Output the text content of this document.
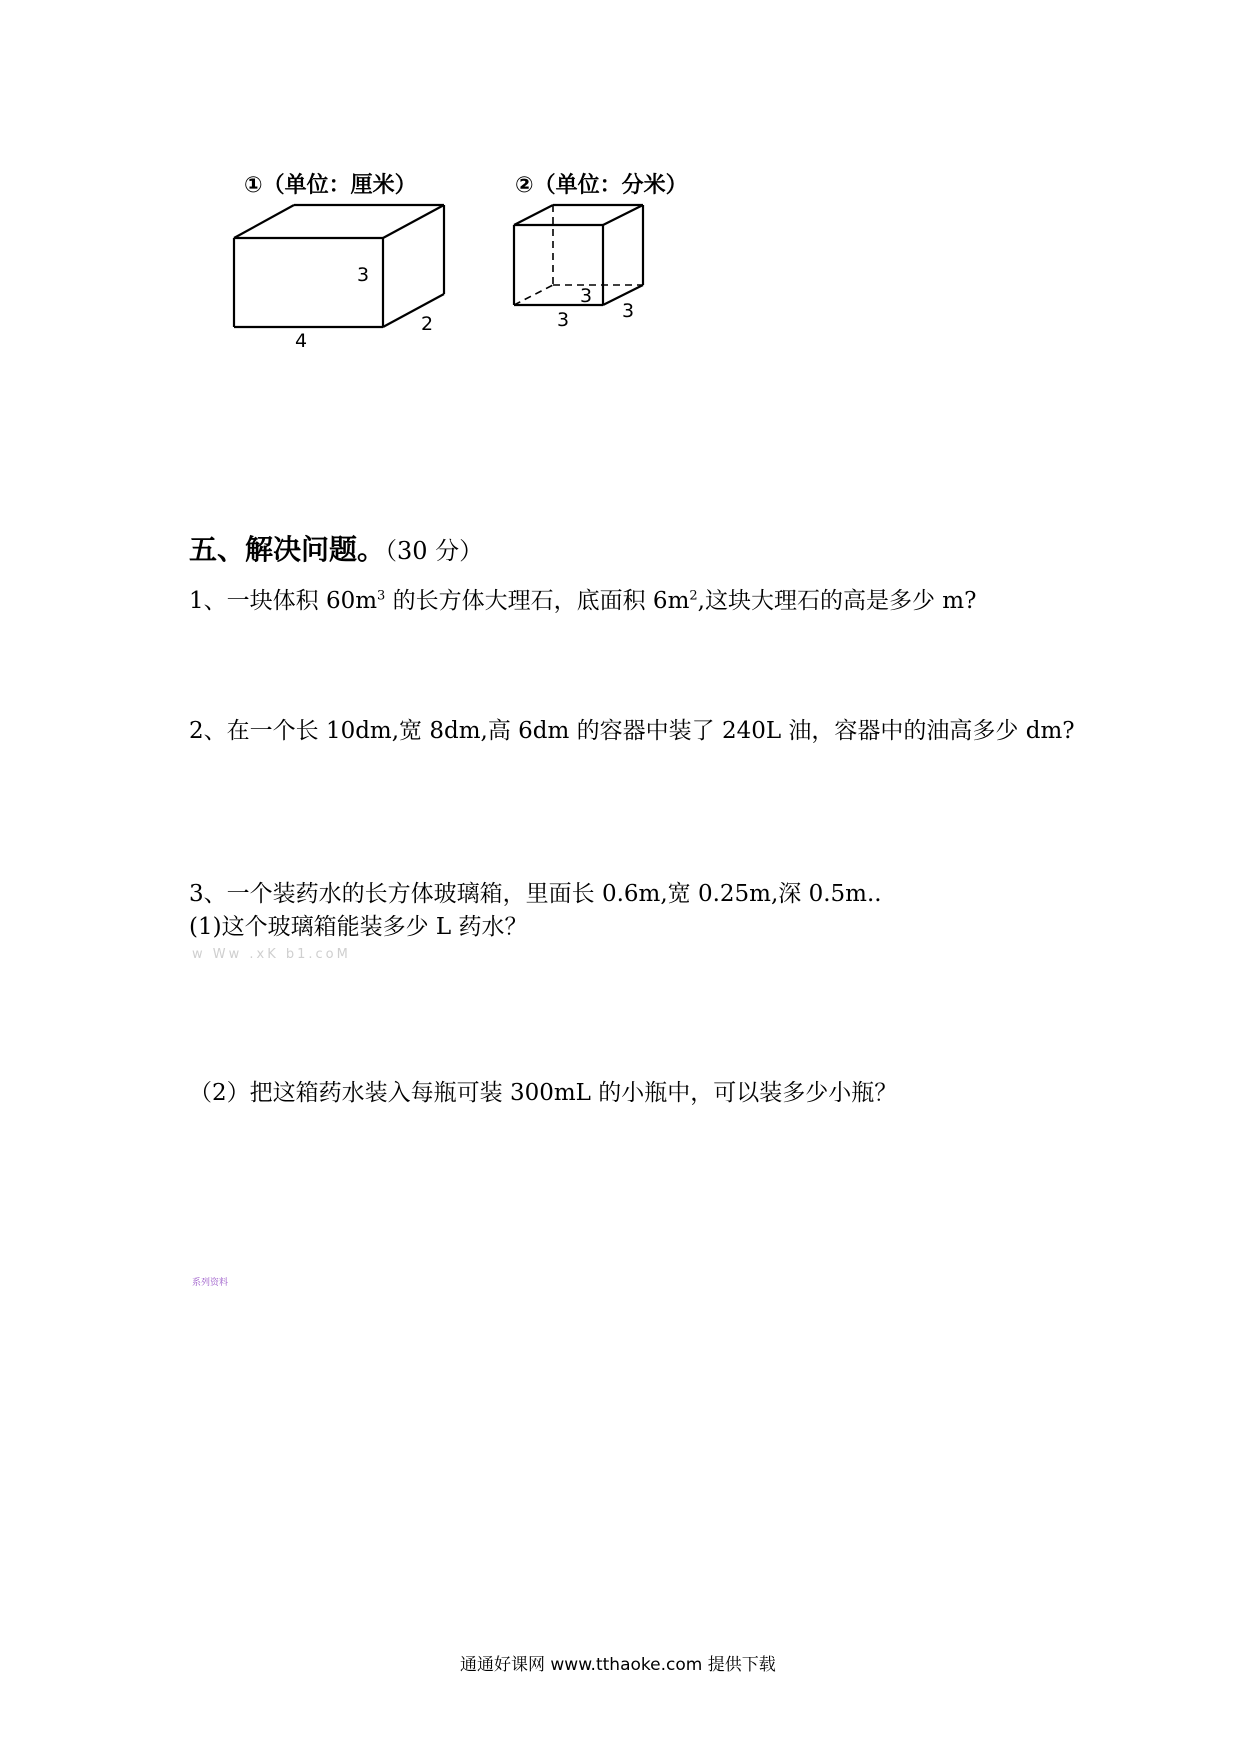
①（单位：厘米）
3
2
4
②（单位：分米）
3
3
3
五、解决问题。（30 分）
1、一块体积 $60m^3$ 的长方体大理石，底面积 $6m^2$,这块大理石的高是多少 m?
2、在一个长 10dm,宽 8dm,高 6dm 的容器中装了 240L 油，容器中的油高多少 dm?
3、一个装药水的长方体玻璃箱，里面长 0.6m,宽 0.25m,深 0.5m..
(1)这个玻璃箱能装多少 L 药水？
w Ww .xK b1.coM
（2）把这箱药水装入每瓶可装 300mL 的小瓶中，可以装多少小瓶？
系列资料
通通好课网 www.tthaoke.com 提供下载
